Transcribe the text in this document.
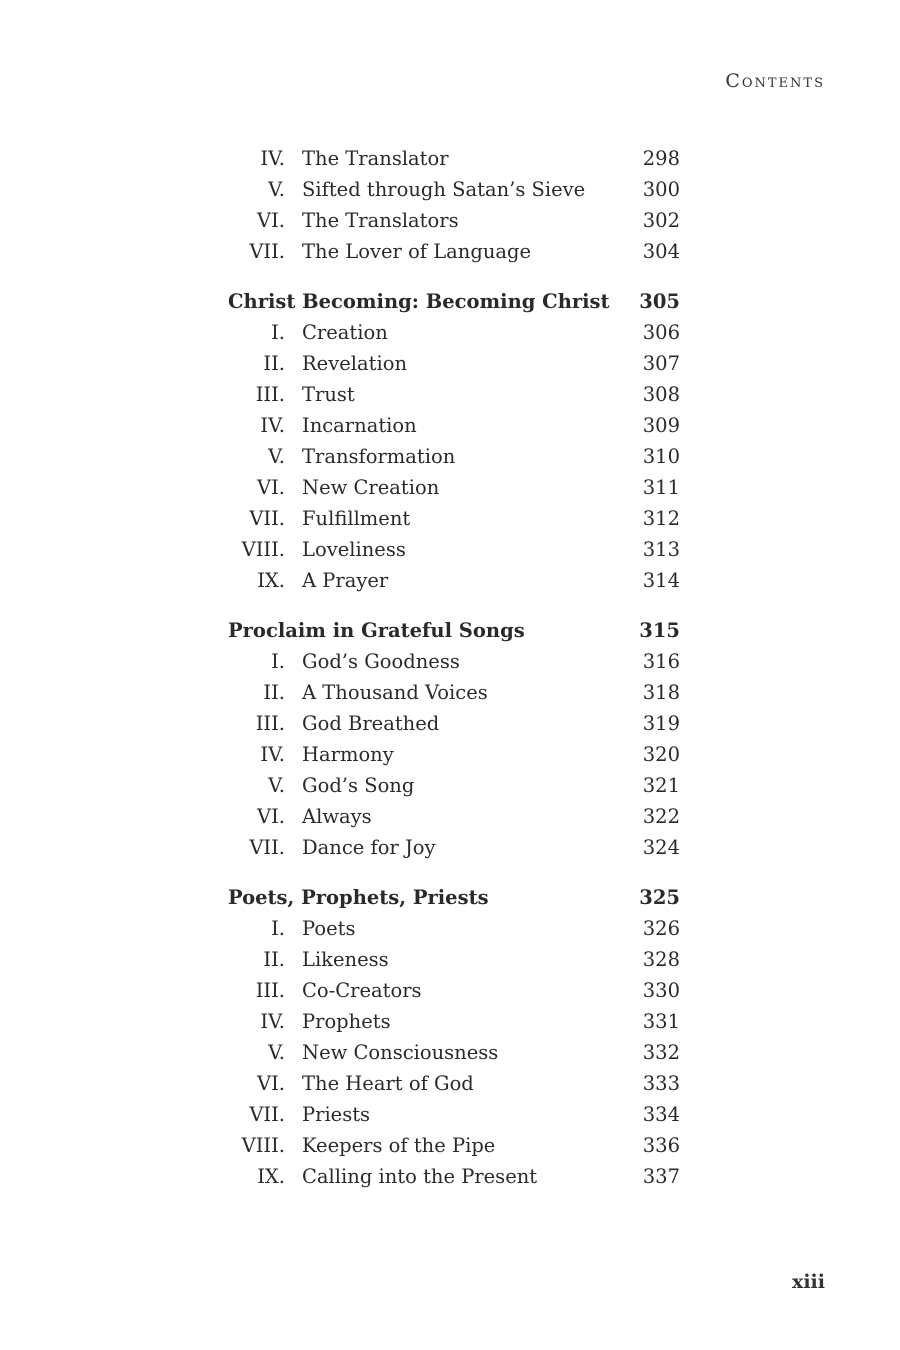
Contents
IV. The Translator	298
V. Sifted through Satan’s Sieve	300
VI. The Translators	302
VII. The Lover of Language	304
Christ Becoming: Becoming Christ 305
I. Creation	306
II. Revelation	307
III. Trust	308
IV. Incarnation	309
V. Transformation	310
VI. New Creation	311
VII. Fulfillment	312
VIII. Loveliness	313
IX. A Prayer	314
Proclaim in Grateful Songs	315
I. God’s Goodness	316
II. A Thousand Voices	318
III. God Breathed	319
IV. Harmony	320
V. God’s Song	321
VI. Always	322
VII. Dance for Joy	324
Poets, Prophets, Priests	325
I. Poets	326
II. Likeness	328
III. Co-Creators	330
IV. Prophets	331
V. New Consciousness	332
VI. The Heart of God	333
VII. Priests	334
VIII. Keepers of the Pipe	336
IX. Calling into the Present	337
xiii
